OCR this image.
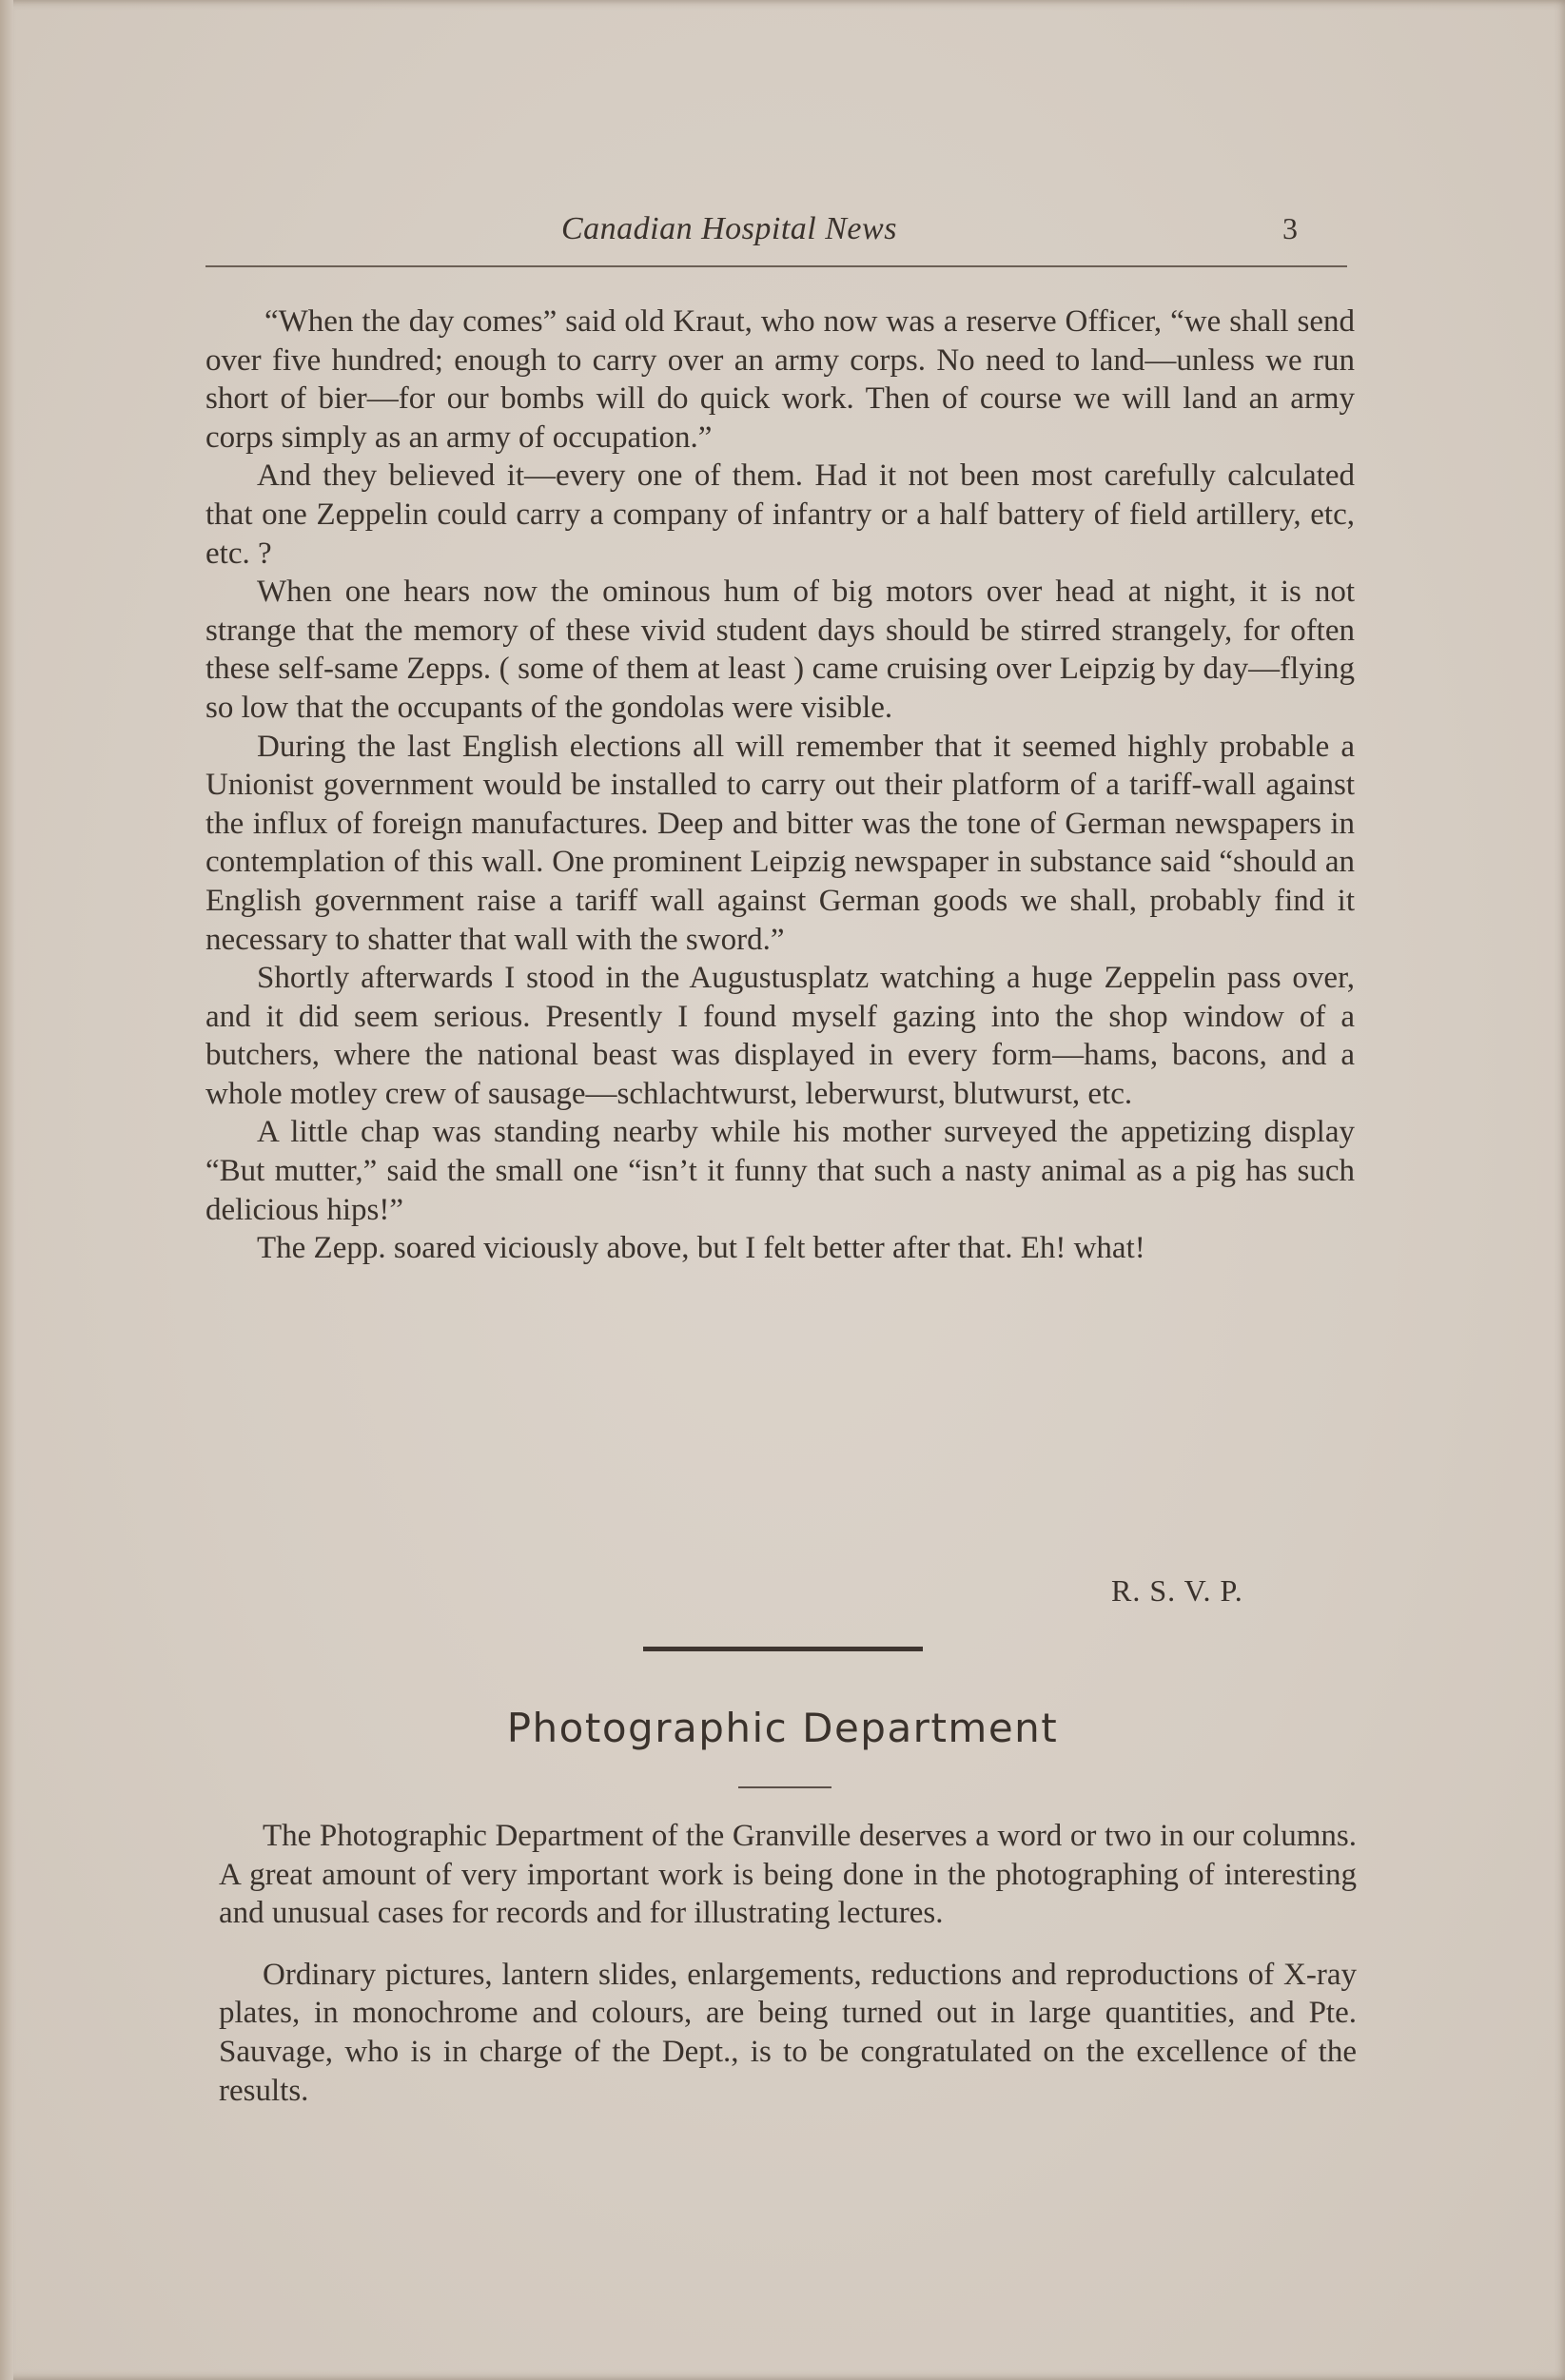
Canadian Hospital News	3

“When the day comes” said old Kraut, who now was a reserve Officer, “we shall send over five hundred; enough to carry over an army corps. No need to land—unless we run short of bier—for our bombs will do quick work. Then of course we will land an army corps simply as an army of occupation.”

And they believed it—every one of them. Had it not been most carefully calculated that one Zeppelin could carry a company of infantry or a half battery of field artillery, etc, etc. ?

When one hears now the ominous hum of big motors over head at night, it is not strange that the memory of these vivid student days should be stirred strangely, for often these self-same Zepps. ( some of them at least ) came cruising over Leipzig by day—flying so low that the occupants of the gondolas were visible.

During the last English elections all will remember that it seemed highly probable a Unionist government would be installed to carry out their platform of a tariff-wall against the influx of foreign manufactures. Deep and bitter was the tone of German newspapers in contemplation of this wall. One prominent Leipzig newspaper in substance said “should an English government raise a tariff wall against German goods we shall, probably find it necessary to shatter that wall with the sword.”

Shortly afterwards I stood in the Augustusplatz watching a huge Zeppelin pass over, and it did seem serious. Presently I found myself gazing into the shop window of a butchers, where the national beast was displayed in every form—hams, bacons, and a whole motley crew of sausage—schlachtwurst, leberwurst, blutwurst, etc.

A little chap was standing nearby while his mother surveyed the appetizing display “But mutter,” said the small one “isn’t it funny that such a nasty animal as a pig has such delicious hips!”

The Zepp. soared viciously above, but I felt better after that. Eh! what!

R. S. V. P.
Photographic Department

The Photographic Department of the Granville deserves a word or two in our columns. A great amount of very important work is being done in the photographing of interesting and unusual cases for records and for illustrating lectures.

Ordinary pictures, lantern slides, enlargements, reductions and reproductions of X-ray plates, in monochrome and colours, are being turned out in large quantities, and Pte. Sauvage, who is in charge of the Dept., is to be congratulated on the excellence of the results.
